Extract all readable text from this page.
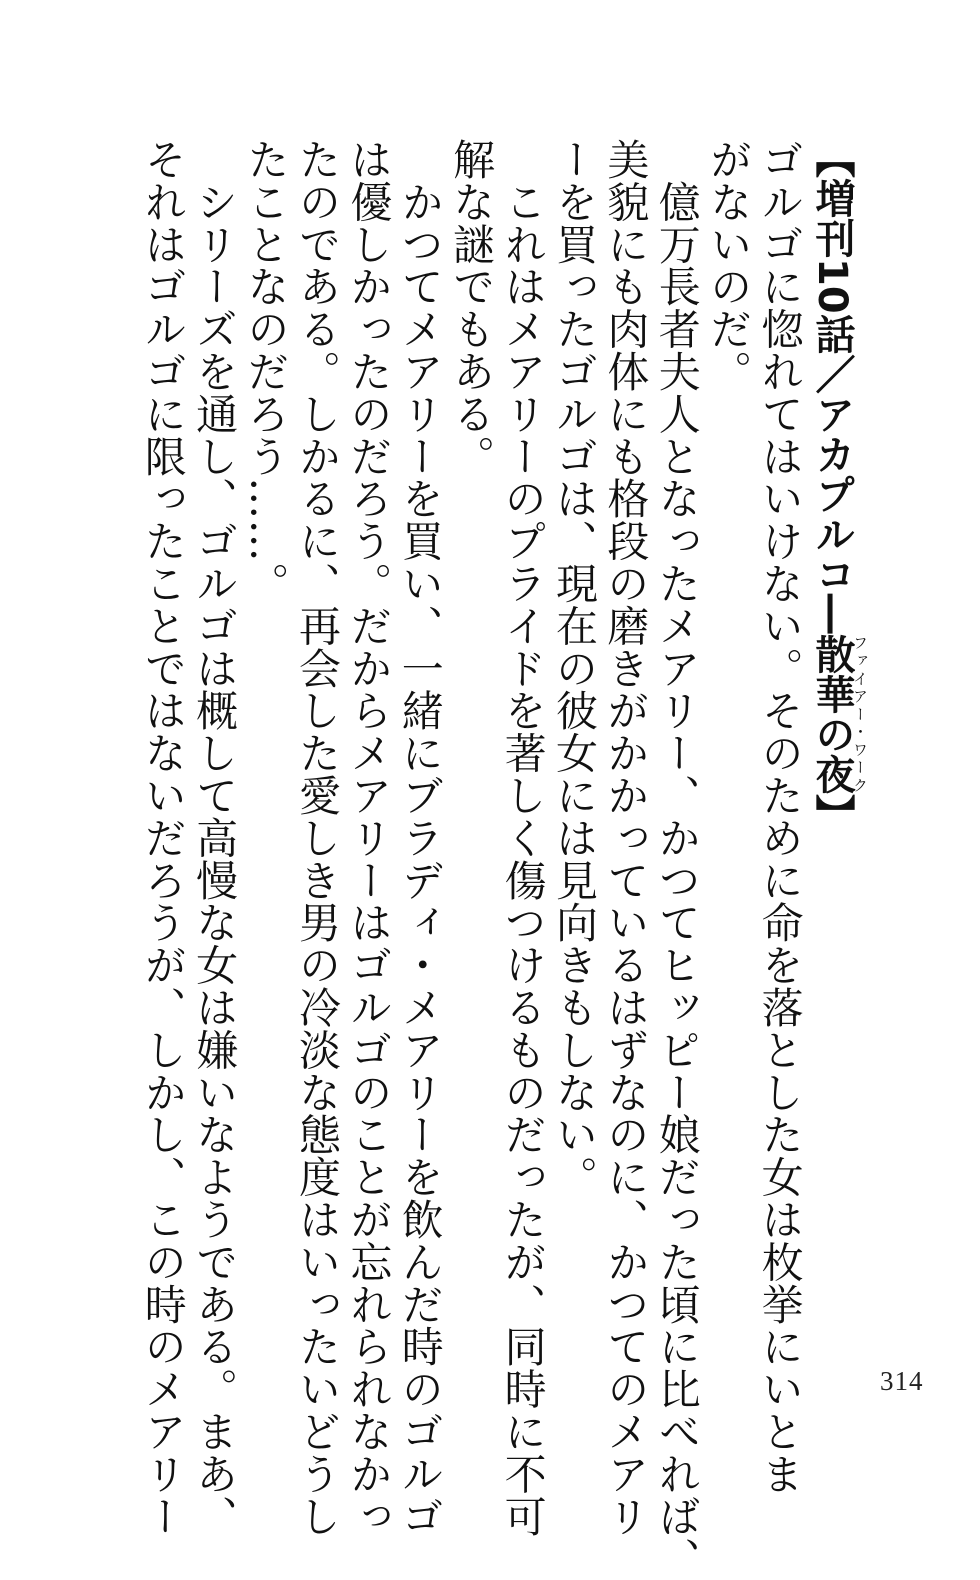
【増刊10話／アカプルコ―散華の夜ファイアー・ワーク】
ゴルゴに惚れてはいけない。そのために命を落とした女は枚挙にいとま
がないのだ。
　億万長者夫人となったメアリー、かつてヒッピー娘だった頃に比べれば、
美貌にも肉体にも格段の磨きがかかっているはずなのに、かつてのメアリ
ーを買ったゴルゴは、現在の彼女には見向きもしない。
　これはメアリーのプライドを著しく傷つけるものだったが、同時に不可
解な謎でもある。
　かつてメアリーを買い、一緒にブラディ・メアリーを飲んだ時のゴルゴ
は優しかったのだろう。だからメアリーはゴルゴのことが忘れられなかっ
たのである。しかるに、再会した愛しき男の冷淡な態度はいったいどうし
たことなのだろう……。
　シリーズを通し、ゴルゴは概して高慢な女は嫌いなようである。まあ、
それはゴルゴに限ったことではないだろうが、しかし、この時のメアリー	314
